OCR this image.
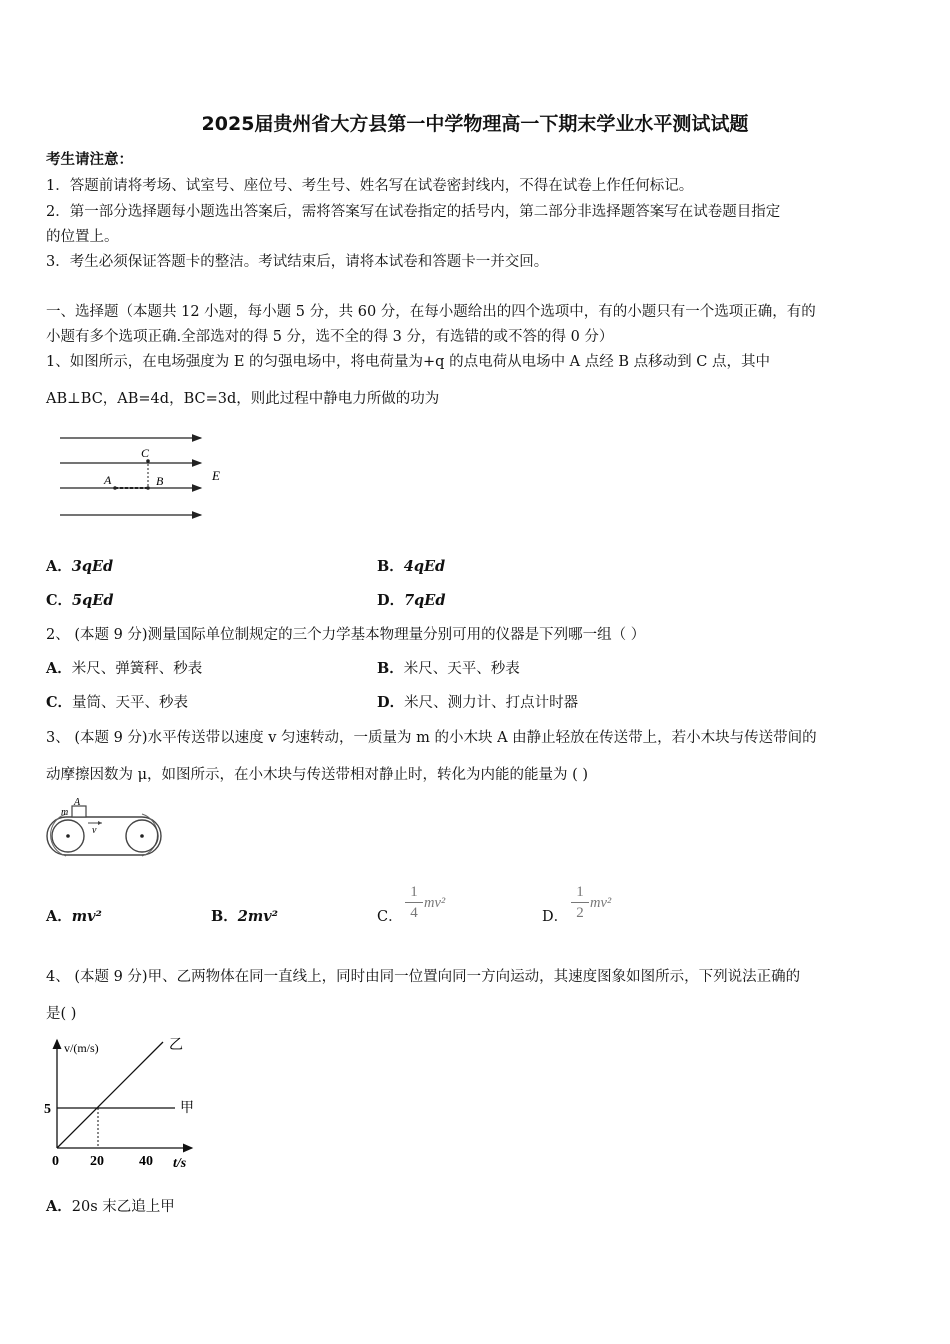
2025届贵州省大方县第一中学物理高一下期末学业水平测试试题
考生请注意：
1．答题前请将考场、试室号、座位号、考生号、姓名写在试卷密封线内，不得在试卷上作任何标记。
2．第一部分选择题每小题选出答案后，需将答案写在试卷指定的括号内，第二部分非选择题答案写在试卷题目指定
的位置上。
3．考生必须保证答题卡的整洁。考试结束后，请将本试卷和答题卡一并交回。
一、选择题（本题共 12 小题，每小题 5 分，共 60 分，在每小题给出的四个选项中，有的小题只有一个选项正确，有的
小题有多个选项正确.全部选对的得 5 分，选不全的得 3 分，有选错的或不答的得 0 分）
1、如图所示，在电场强度为 E 的匀强电场中，将电荷量为+q 的点电荷从电场中 A 点经 B 点移动到 C 点，其中
AB⊥BC，AB=4d，BC=3d，则此过程中静电力所做的功为
A	B
C
E
A．3qEd	B．4qEd
C．5qEd	D．7qEd
2、 (本题 9 分)测量国际单位制规定的三个力学基本物理量分别可用的仪器是下列哪一组（ ）
A．米尺、弹簧秤、秒表	B．米尺、天平、秒表
C．量筒、天平、秒表	D．米尺、测力计、打点计时器
3、 (本题 9 分)水平传送带以速度 v 匀速转动，一质量为 m 的小木块 A 由静止轻放在传送带上，若小木块与传送带间的
动摩擦因数为 μ，如图所示，在小木块与传送带相对静止时，转化为内能的能量为 ( )
A
m
v
A．mv²	B．2mv²	C．
1
4
mv²
D．
1
2
mv²
4、 (本题 9 分)甲、乙两物体在同一直线上，同时由同一位置向同一方向运动，其速度图象如图所示，下列说法正确的
是( )
v/(m/s)
t/s
5
0 20	40
甲
乙
A．20s 末乙追上甲
